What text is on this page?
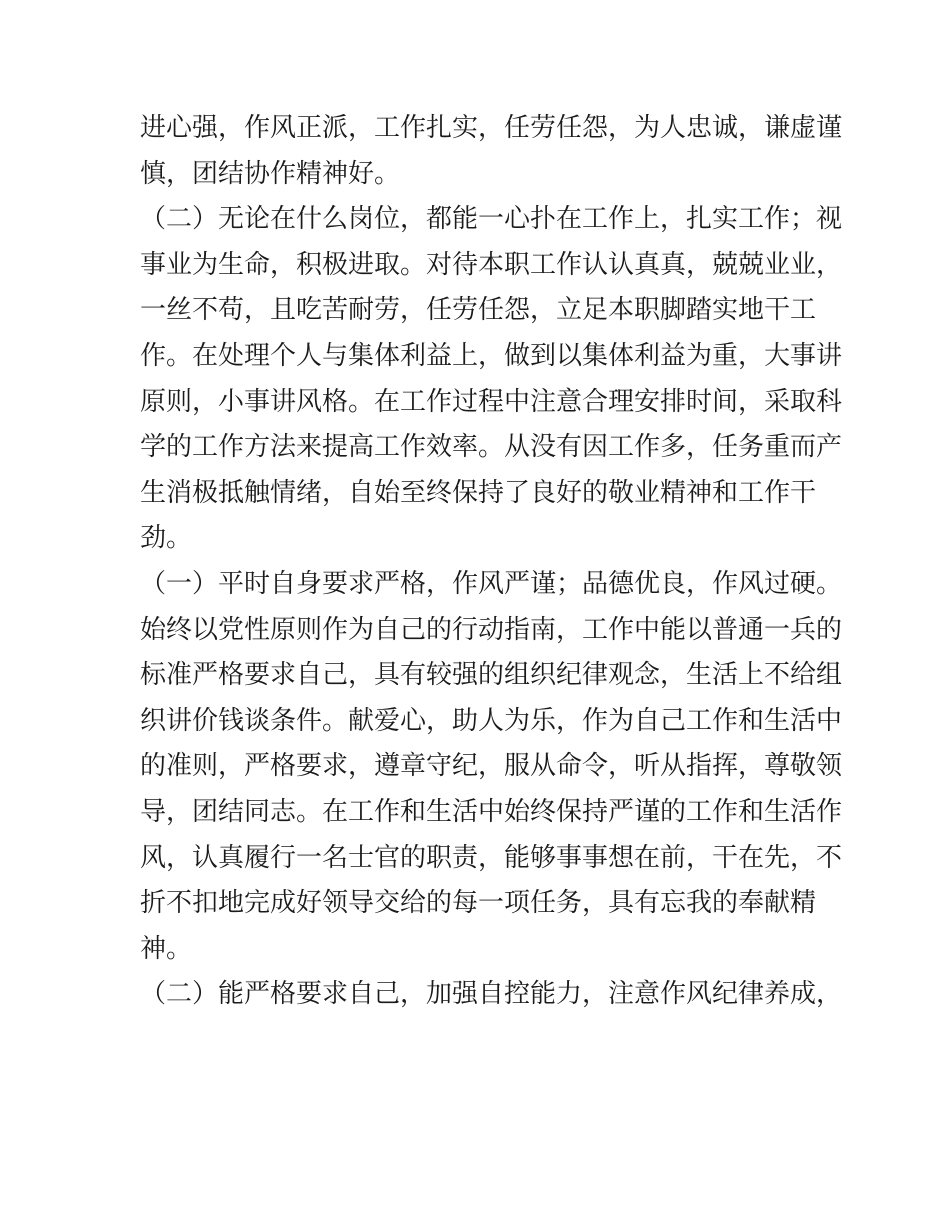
进心强，作风正派，工作扎实，任劳任怨，为人忠诚，谦虚谨
慎，团结协作精神好。
（二）无论在什么岗位，都能一心扑在工作上，扎实工作；视
事业为生命，积极进取。对待本职工作认认真真，兢兢业业，
一丝不苟，且吃苦耐劳，任劳任怨，立足本职脚踏实地干工
作。在处理个人与集体利益上，做到以集体利益为重，大事讲
原则，小事讲风格。在工作过程中注意合理安排时间，采取科
学的工作方法来提高工作效率。从没有因工作多，任务重而产
生消极抵触情绪，自始至终保持了良好的敬业精神和工作干
劲。
（一）平时自身要求严格，作风严谨；品德优良，作风过硬。
始终以党性原则作为自己的行动指南，工作中能以普通一兵的
标准严格要求自己，具有较强的组织纪律观念，生活上不给组
织讲价钱谈条件。献爱心，助人为乐，作为自己工作和生活中
的准则，严格要求，遵章守纪，服从命令，听从指挥，尊敬领
导，团结同志。在工作和生活中始终保持严谨的工作和生活作
风，认真履行一名士官的职责，能够事事想在前，干在先，不
折不扣地完成好领导交给的每一项任务，具有忘我的奉献精
神。
（二）能严格要求自己，加强自控能力，注意作风纪律养成，
